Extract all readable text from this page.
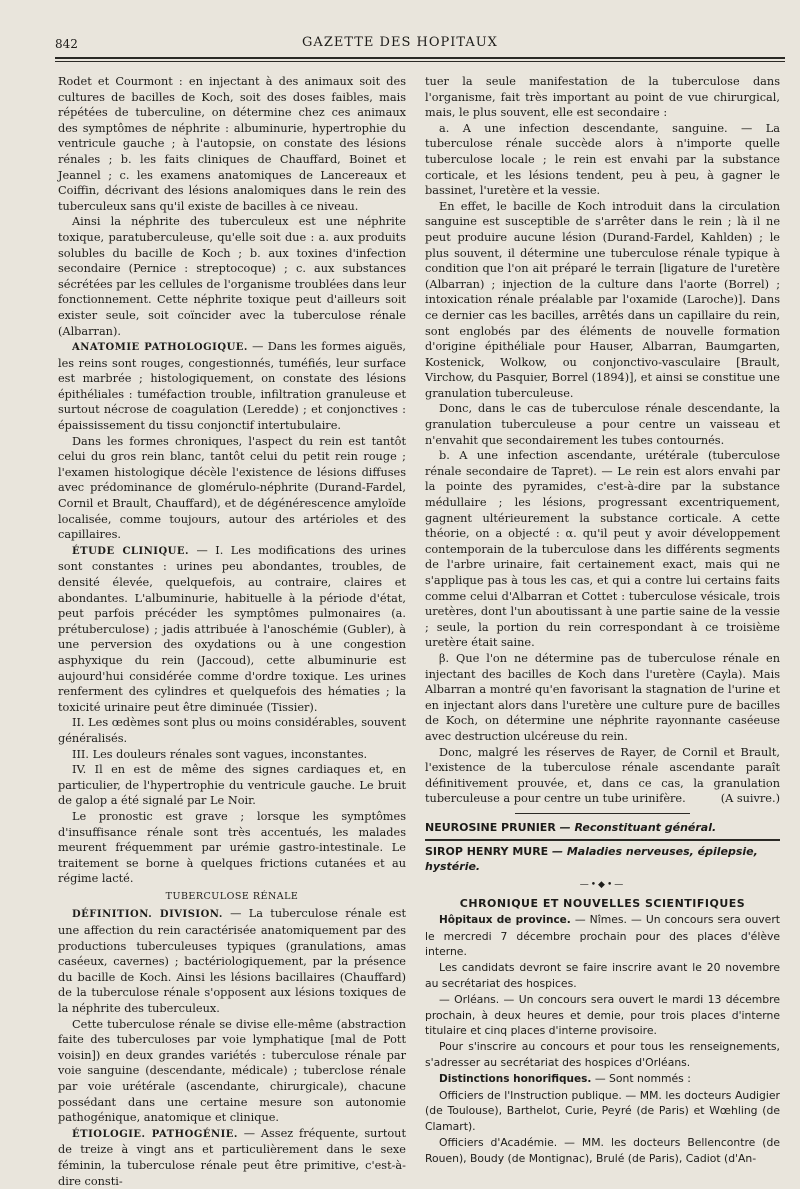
842	GAZETTE DES HOPITAUX

Rodet et Courmont : en injectant à des animaux soit des cultures de bacilles de Koch, soit des doses faibles, mais répétées de tuberculine, on détermine chez ces animaux des symptômes de néphrite : albuminurie, hypertrophie du ventricule gauche ; à l'autopsie, on constate des lésions rénales ; b. les faits cliniques de Chauffard, Boinet et Jeannel ; c. les examens anatomiques de Lancereaux et Coiffin, décrivant des lésions analomiques dans le rein des tuberculeux sans qu'il existe de bacilles à ce niveau.

Ainsi la néphrite des tuberculeux est une néphrite toxique, paratuberculeuse, qu'elle soit due : a. aux produits solubles du bacille de Koch ; b. aux toxines d'infection secondaire (Pernice : streptocoque) ; c. aux substances sécrétées par les cellules de l'organisme troublées dans leur fonctionnement. Cette néphrite toxique peut d'ailleurs soit exister seule, soit coïncider avec la tuberculose rénale (Albarran).

ANATOMIE PATHOLOGIQUE. — Dans les formes aiguës, les reins sont rouges, congestionnés, tuméfiés, leur surface est marbrée ; histologiquement, on constate des lésions épithéliales : tuméfaction trouble, infiltration granuleuse et surtout nécrose de coagulation (Leredde) ; et conjonctives : épaississement du tissu conjonctif intertubulaire.

Dans les formes chroniques, l'aspect du rein est tantôt celui du gros rein blanc, tantôt celui du petit rein rouge ; l'examen histologique décèle l'existence de lésions diffuses avec prédominance de glomérulo-néphrite (Durand-Fardel, Cornil et Brault, Chauffard), et de dégénérescence amyloïde localisée, comme toujours, autour des artérioles et des capillaires.

ÉTUDE CLINIQUE. — I. Les modifications des urines sont constantes : urines peu abondantes, troubles, de densité élevée, quelquefois, au contraire, claires et abondantes. L'albuminurie, habituelle à la période d'état, peut parfois précéder les symptômes pulmonaires (a. prétuberculose) ; jadis attribuée à l'anoschémie (Gubler), à une perversion des oxydations ou à une congestion asphyxique du rein (Jaccoud), cette albuminurie est aujourd'hui considérée comme d'ordre toxique. Les urines renferment des cylindres et quelquefois des hématies ; la toxicité urinaire peut être diminuée (Tissier).

II. Les œdèmes sont plus ou moins considérables, souvent généralisés.

III. Les douleurs rénales sont vagues, inconstantes.

IV. Il en est de même des signes cardiaques et, en particulier, de l'hypertrophie du ventricule gauche. Le bruit de galop a été signalé par Le Noir.

Le pronostic est grave ; lorsque les symptômes d'insuffisance rénale sont très accentués, les malades meurent fréquemment par urémie gastro-intestinale. Le traitement se borne à quelques frictions cutanées et au régime lacté.

TUBERCULOSE RÉNALE

DÉFINITION. DIVISION. — La tuberculose rénale est une affection du rein caractérisée anatomiquement par des productions tuberculeuses typiques (granulations, amas caséeux, cavernes) ; bactériologiquement, par la présence du bacille de Koch. Ainsi les lésions bacillaires (Chauffard) de la tuberculose rénale s'opposent aux lésions toxiques de la néphrite des tuberculeux.

Cette tuberculose rénale se divise elle-même (abstraction faite des tuberculoses par voie lymphatique [mal de Pott voisin]) en deux grandes variétés : tuberculose rénale par voie sanguine (descendante, médicale) ; tuberclose rénale par voie urétérale (ascendante, chirurgicale), chacune possédant dans une certaine mesure son autonomie pathogénique, anatomique et clinique.

ÉTIOLOGIE. PATHOGÉNIE. — Assez fréquente, surtout de treize à vingt ans et particulièrement dans le sexe féminin, la tuberculose rénale peut être primitive, c'est-à-dire consti-

tuer la seule manifestation de la tuberculose dans l'organisme, fait très important au point de vue chirurgical, mais, le plus souvent, elle est secondaire :

a. A une infection descendante, sanguine. — La tuberculose rénale succède alors à n'importe quelle tuberculose locale ; le rein est envahi par la substance corticale, et les lésions tendent, peu à peu, à gagner le bassinet, l'uretère et la vessie.

En effet, le bacille de Koch introduit dans la circulation sanguine est susceptible de s'arrêter dans le rein ; là il ne peut produire aucune lésion (Durand-Fardel, Kahlden) ; le plus souvent, il détermine une tuberculose rénale typique à condition que l'on ait préparé le terrain [ligature de l'uretère (Albarran) ; injection de la culture dans l'aorte (Borrel) ; intoxication rénale préalable par l'oxamide (Laroche)]. Dans ce dernier cas les bacilles, arrêtés dans un capillaire du rein, sont englobés par des éléments de nouvelle formation d'origine épithéliale pour Hauser, Albarran, Baumgarten, Kostenick, Wolkow, ou conjonctivo-vasculaire [Brault, Virchow, du Pasquier, Borrel (1894)], et ainsi se constitue une granulation tuberculeuse.

Donc, dans le cas de tuberculose rénale descendante, la granulation tuberculeuse a pour centre un vaisseau et n'envahit que secondairement les tubes contournés.

b. A une infection ascendante, urétérale (tuberculose rénale secondaire de Tapret). — Le rein est alors envahi par la pointe des pyramides, c'est-à-dire par la substance médullaire ; les lésions, progressant excentriquement, gagnent ultérieurement la substance corticale. A cette théorie, on a objecté : α. qu'il peut y avoir développement contemporain de la tuberculose dans les différents segments de l'arbre urinaire, fait certainement exact, mais qui ne s'applique pas à tous les cas, et qui a contre lui certains faits comme celui d'Albarran et Cottet : tuberculose vésicale, trois uretères, dont l'un aboutissant à une partie saine de la vessie ; seule, la portion du rein correspondant à ce troisième uretère était saine.

β. Que l'on ne détermine pas de tuberculose rénale en injectant des bacilles de Koch dans l'uretère (Cayla). Mais Albarran a montré qu'en favorisant la stagnation de l'urine et en injectant alors dans l'uretère une culture pure de bacilles de Koch, on détermine une néphrite rayonnante caséeuse avec destruction ulcéreuse du rein.

Donc, malgré les réserves de Rayer, de Cornil et Brault, l'existence de la tuberculose rénale ascendante paraît définitivement prouvée, et, dans ce cas, la granulation tuberculeuse a pour centre un tube urinifère.	(A suivre.)

NEUROSINE PRUNIER — Reconstituant général.

SIROP HENRY MURE — Maladies nerveuses, épilepsie, hystérie.

—•◆•—

CHRONIQUE ET NOUVELLES SCIENTIFIQUES

Hôpitaux de province. — Nîmes. — Un concours sera ouvert le mercredi 7 décembre prochain pour des places d'élève interne.

Les candidats devront se faire inscrire avant le 20 novembre au secrétariat des hospices.

— Orléans. — Un concours sera ouvert le mardi 13 décembre prochain, à deux heures et demie, pour trois places d'interne titulaire et cinq places d'interne provisoire.

Pour s'inscrire au concours et pour tous les renseignements, s'adresser au secrétariat des hospices d'Orléans.

Distinctions honorifiques. — Sont nommés :

Officiers de l'Instruction publique. — MM. les docteurs Audigier (de Toulouse), Barthelot, Curie, Peyré (de Paris) et Wœhling (de Clamart).

Officiers d'Académie. — MM. les docteurs Bellencontre (de Rouen), Boudy (de Montignac), Brulé (de Paris), Cadiot (d'An-
